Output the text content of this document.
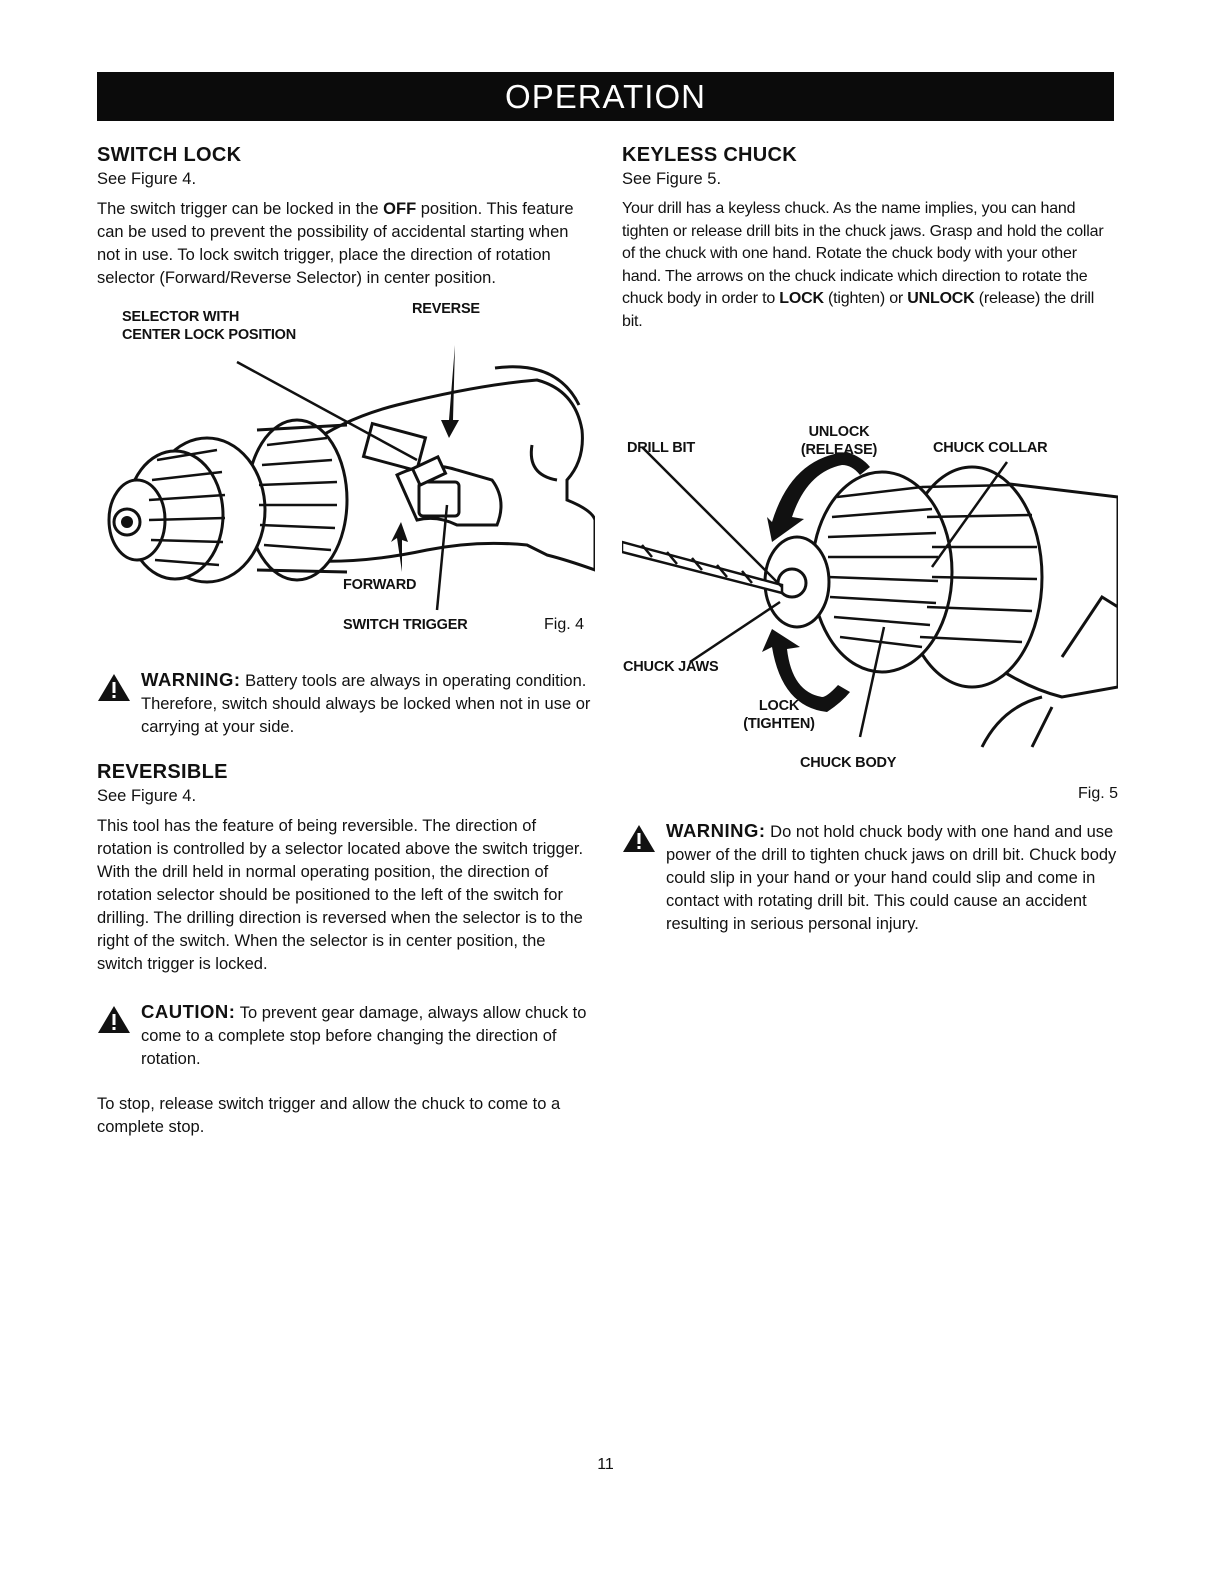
OPERATION
SWITCH LOCK
See Figure 4.

The switch trigger can be locked in the OFF position. This feature can be used to prevent the possibility of accidental starting when not in use. To lock switch trigger, place the direction of rotation selector (Forward/Reverse Selector) in center position.

SELECTOR WITH
CENTER LOCK POSITION
REVERSE
FORWARD
SWITCH TRIGGER	Fig. 4
WARNING: Battery tools are always in operating condition. Therefore, switch should always be locked when not in use or carrying at your side.
REVERSIBLE
See Figure 4.

This tool has the feature of being reversible. The direction of rotation is controlled by a selector located above the switch trigger. With the drill held in normal operating position, the direction of rotation selector should be positioned to the left of the switch for drilling. The drilling direction is reversed when the selector is to the right of the switch. When the selector is in center position, the switch trigger is locked.

CAUTION: To prevent gear damage, always allow chuck to come to a complete stop before changing the direction of rotation.

To stop, release switch trigger and allow the chuck to come to a complete stop.

KEYLESS CHUCK
See Figure 5.

Your drill has a keyless chuck. As the name implies, you can hand tighten or release drill bits in the chuck jaws. Grasp and hold the collar of the chuck with one hand. Rotate the chuck body with your other hand. The arrows on the chuck indicate which direction to rotate the chuck body in order to LOCK (tighten) or UNLOCK (release) the drill bit.

DRILL BIT
UNLOCK
(RELEASE)	CHUCK COLLAR
CHUCK JAWS
LOCK
(TIGHTEN)
CHUCK BODY
Fig. 5
WARNING: Do not hold chuck body with one hand and use power of the drill to tighten chuck jaws on drill bit. Chuck body could slip in your hand or your hand could slip and come in contact with rotating drill bit. This could cause an accident resulting in serious personal injury.
11
